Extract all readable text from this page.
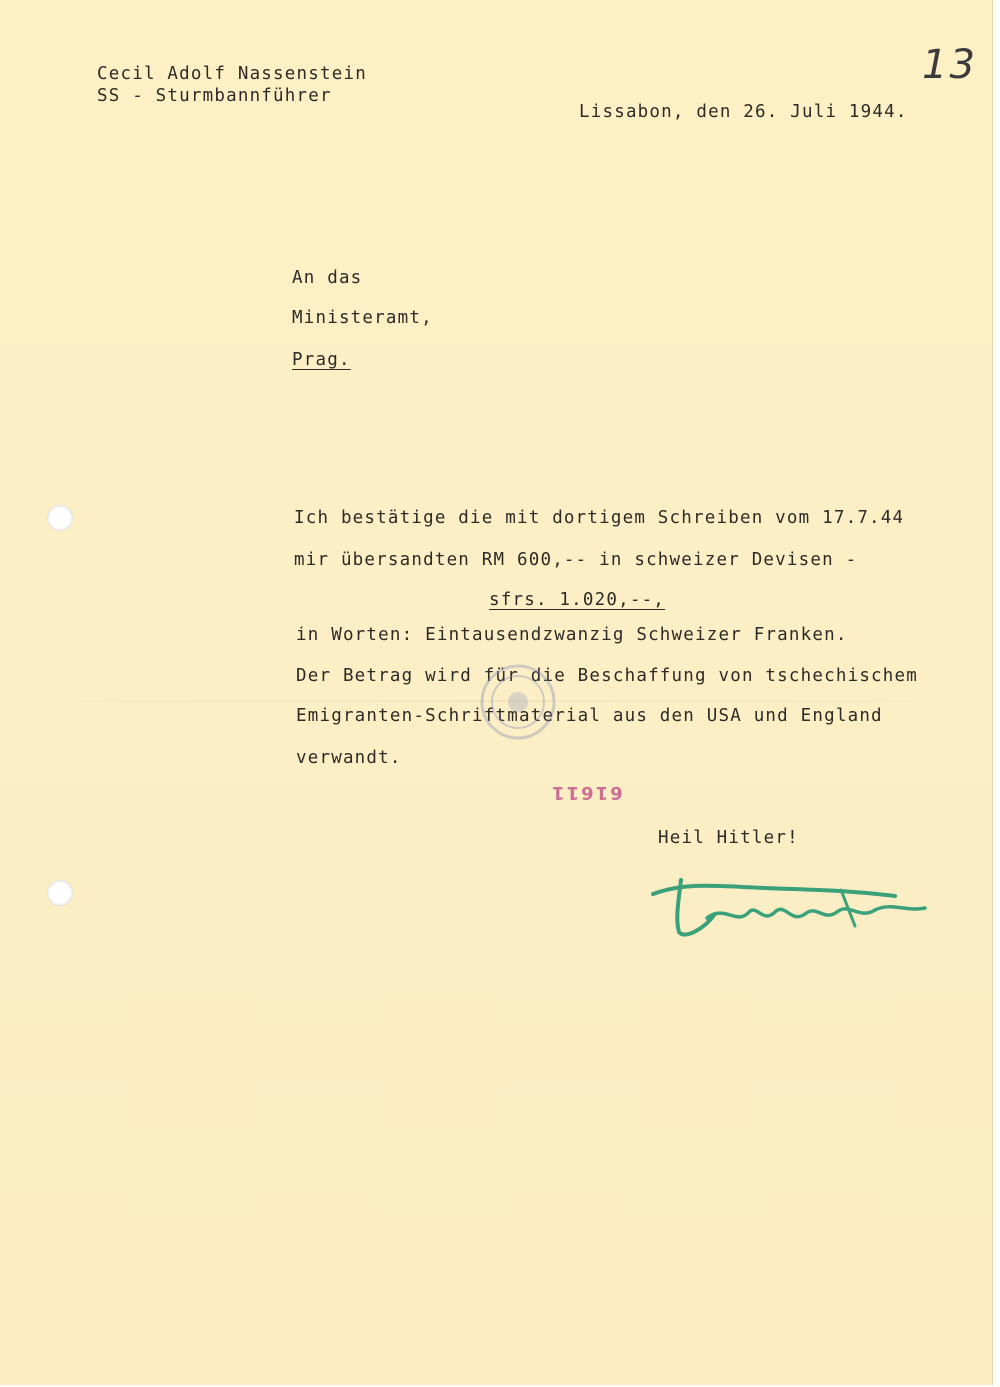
13
Cecil Adolf Nassenstein
SS - Sturmbannführer
Lissabon, den 26. Juli 1944.
An das
Ministeramt,
Prag.
Ich bestätige die mit dortigem Schreiben vom 17.7.44
mir übersandten RM 600,-- in schweizer Devisen -
sfrs. 1.020,--,
in Worten: Eintausendzwanzig Schweizer Franken.
Der Betrag wird für die Beschaffung von tschechischem
Emigranten-Schriftmaterial aus den USA und England
verwandt.
61611
Heil Hitler!
